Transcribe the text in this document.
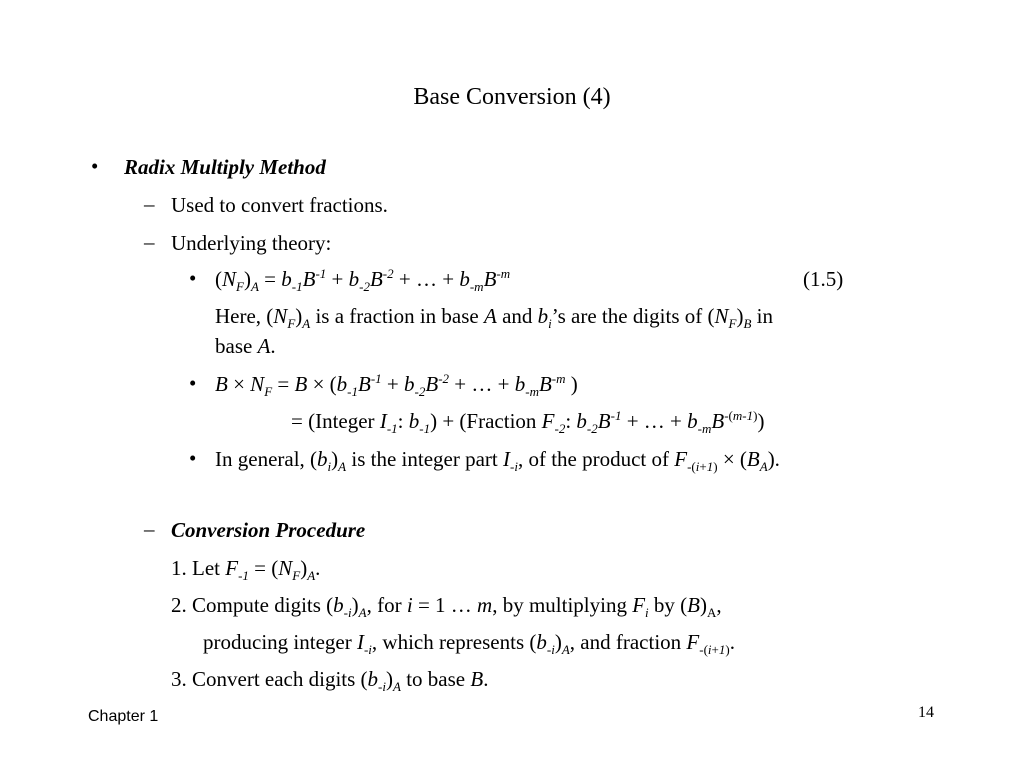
Base Conversion (4)
• Radix Multiply Method
– Used to convert fractions.
– Underlying theory:
• $(N_F)_A = b_{-1}B^{-1} + b_{-2}B^{-2}$ + … + $b_{-m}B^{-m}$	(1.5)
Here, $(N_F)_A$ is a fraction in base A and $b_i’s$ are the digits of $(N_F)_B$ in
base A.
• $B \times N_F = B \times (b_{-1}B^{-1} + b_{-2}B^{-2}$ + … + $b_{-m}B^{-m}$ )
= (Integer $I_{-1}$: $b_{-1}$) + (Fraction $F_{-2}$: $b_{-2}B^{-1}$ + … + $b_{-m}B^{-(m-1)}$)
• In general, $(b_i)_A$ is the integer part $I_{-i}$, of the product of $F_{-(i+1)} \times (B_A)$.
– Conversion Procedure
1. Let $F_{-1} = (N_F)_A$.
2. Compute digits $(b_{-i})_A$, for i = 1 … m, by multiplying $F_i$ by $(B)_A$,
producing integer $I_{-i}$, which represents $(b_{-i})_A$, and fraction $F_{-(i+1)}$.
3. Convert each digits $(b_{-i})_A$ to base B.
Chapter 1	14
